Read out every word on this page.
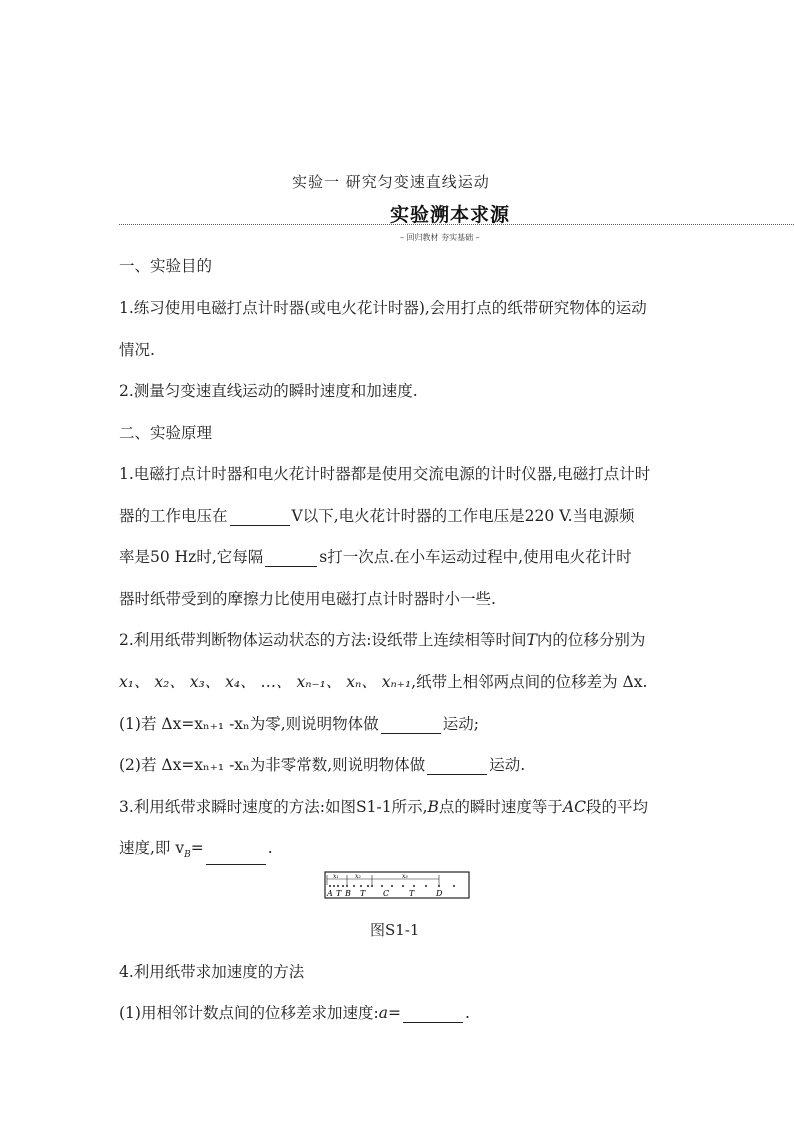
实验一 研究匀变速直线运动
实验溯本求源
– 回归教材 夯实基础 –
一、实验目的
1.练习使用电磁打点计时器(或电火花计时器),会用打点的纸带研究物体的运动
情况.
2.测量匀变速直线运动的瞬时速度和加速度.
二、实验原理
1.电磁打点计时器和电火花计时器都是使用交流电源的计时仪器,电磁打点计时
器的工作电压在	V以下,电火花计时器的工作电压是220 V.当电源频
率是50 Hz时,它每隔	s打一次点.在小车运动过程中,使用电火花计时
器时纸带受到的摩擦力比使用电磁打点计时器时小一些.
2.利用纸带判断物体运动状态的方法:设纸带上连续相等时间T内的位移分别为
x₁、 x₂、 x₃、 x₄、 …、 xₙ₋₁、 xₙ、 xₙ₊₁,纸带上相邻两点间的位移差为 Δx.
(1)若 Δx=xₙ₊₁ -xₙ为零,则说明物体做	运动;
(2)若 Δx=xₙ₊₁ -xₙ为非零常数,则说明物体做	运动.
3.利用纸带求瞬时速度的方法:如图S1-1所示,B点的瞬时速度等于AC段的平均
速度,即 $v_B=$	.
x₁	x₂	x₃
A T B T C T	D
图S1-1
4.利用纸带求加速度的方法
(1)用相邻计数点间的位移差求加速度:a=	.
